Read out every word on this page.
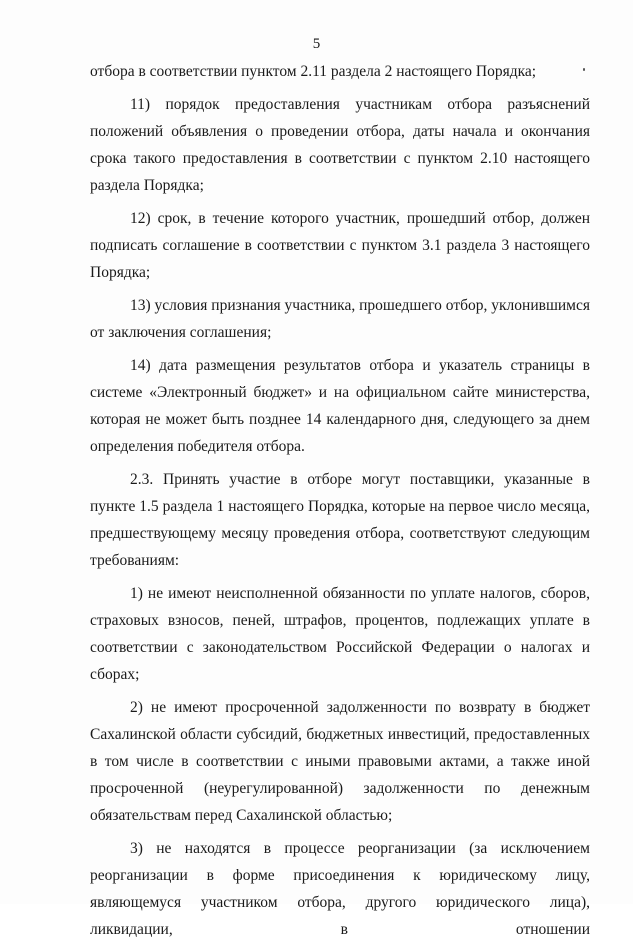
5

отбора в соответствии пунктом 2.11 раздела 2 настоящего Порядка;

11) порядок предоставления участникам отбора разъяснений положений объявления о проведении отбора, даты начала и окончания срока такого предоставления в соответствии с пунктом 2.10 настоящего раздела Порядка;

12) срок, в течение которого участник, прошедший отбор, должен подписать соглашение в соответствии с пунктом 3.1 раздела 3 настоящего Порядка;

13) условия признания участника, прошедшего отбор, уклонившимся от заключения соглашения;

14) дата размещения результатов отбора и указатель страницы в системе «Электронный бюджет» и на официальном сайте министерства, которая не может быть позднее 14 календарного дня, следующего за днем определения победителя отбора.

2.3. Принять участие в отборе могут поставщики, указанные в пункте 1.5 раздела 1 настоящего Порядка, которые на первое число месяца, предшествующему месяцу проведения отбора, соответствуют следующим требованиям:

1) не имеют неисполненной обязанности по уплате налогов, сборов, страховых взносов, пеней, штрафов, процентов, подлежащих уплате в соответствии с законодательством Российской Федерации о налогах и сборах;

2) не имеют просроченной задолженности по возврату в бюджет Сахалинской области субсидий, бюджетных инвестиций, предоставленных в том числе в соответствии с иными правовыми актами, а также иной просроченной (неурегулированной) задолженности по денежным обязательствам перед Сахалинской областью;

3) не находятся в процессе реорганизации (за исключением реорганизации в форме присоединения к юридическому лицу, являющемуся участником отбора, другого юридического лица), ликвидации, в отношении
